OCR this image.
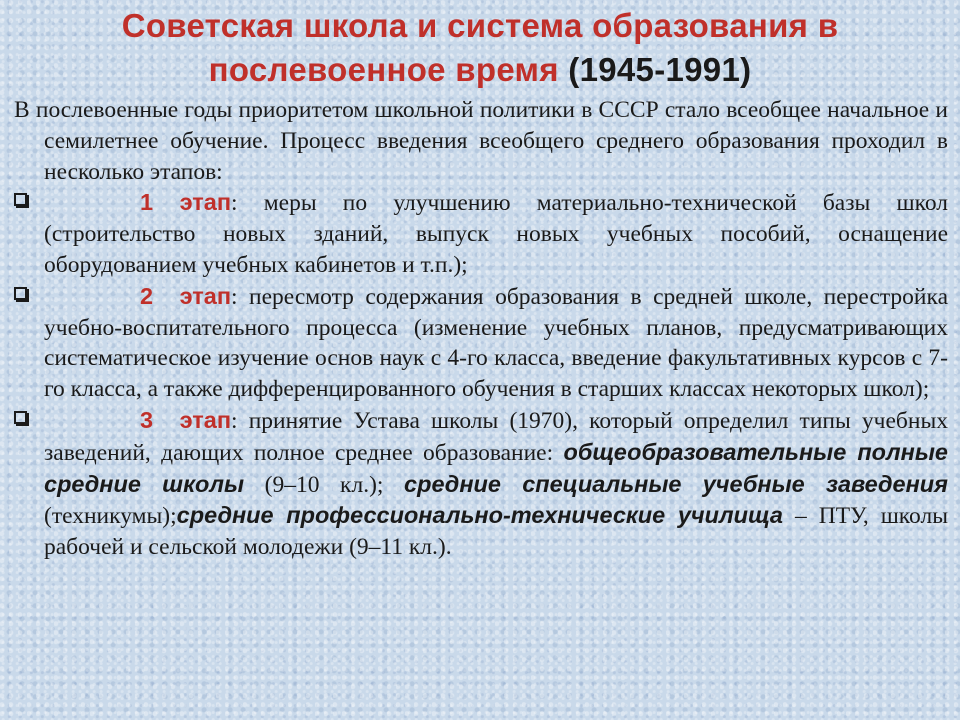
Советская школа и система образования в
послевоенное время (1945-1991)

В послевоенные годы приоритетом школьной политики в СССР стало всеобщее начальное и семилетнее обучение. Процесс введения всеобщего среднего образования проходил в несколько этапов:

1 этап: меры по улучшению материально-технической базы школ (строительство новых зданий, выпуск новых учебных пособий, оснащение оборудованием учебных кабинетов и т.п.);
2 этап: пересмотр содержания образования в средней школе, перестройка учебно-воспитательного процесса (изменение учебных планов, предусматривающих систематическое изучение основ наук с 4-го класса, введение факультативных курсов с 7-го класса, а также дифференцированного обучения в старших классах некоторых школ);
3 этап: принятие Устава школы (1970), который определил типы учебных заведений, дающих полное среднее образование: общеобразовательные полные средние школы (9–10 кл.); средние специальные учебные заведения (техникумы);средние профессионально-технические училища – ПТУ, школы рабочей и сельской молодежи (9–11 кл.).
